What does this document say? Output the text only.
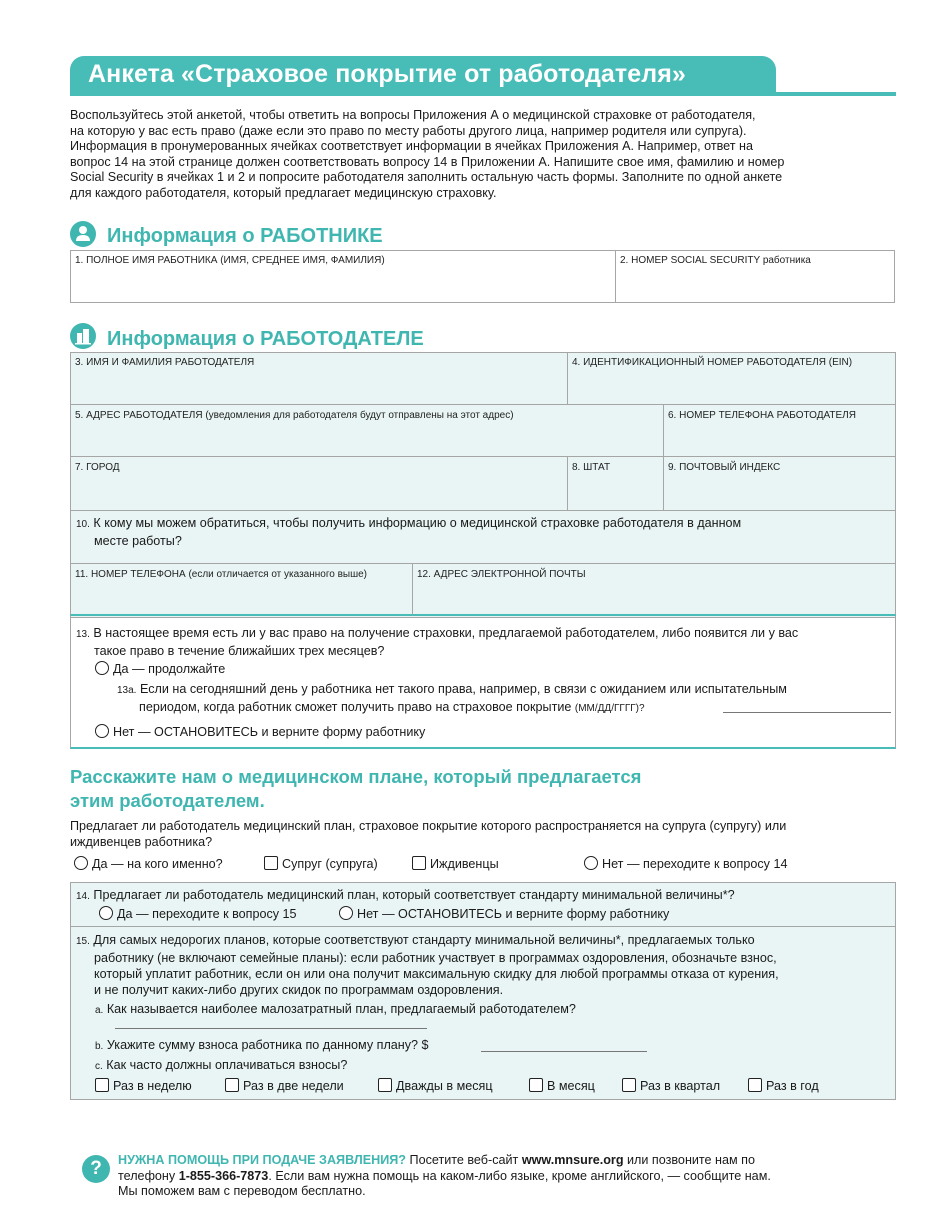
Анкета «Страховое покрытие от работодателя»
Воспользуйтесь этой анкетой, чтобы ответить на вопросы Приложения А о медицинской страховке от работодателя,
на которую у вас есть право (даже если это право по месту работы другого лица, например родителя или супруга).
Информация в пронумерованных ячейках соответствует информации в ячейках Приложения А. Например, ответ на
вопрос 14 на этой странице должен соответствовать вопросу 14 в Приложении А. Напишите свое имя, фамилию и номер
Social Security в ячейках 1 и 2 и попросите работодателя заполнить остальную часть формы. Заполните по одной анкете
для каждого работодателя, который предлагает медицинскую страховку.
Информация о РАБОТНИКЕ
1. ПОЛНОЕ ИМЯ РАБОТНИКА (ИМЯ, СРЕДНЕЕ ИМЯ, ФАМИЛИЯ)	2. НОМЕР SOCIAL SECURITY работника
Информация о РАБОТОДАТЕЛЕ
3. ИМЯ И ФАМИЛИЯ РАБОТОДАТЕЛЯ	4. ИДЕНТИФИКАЦИОННЫЙ НОМЕР РАБОТОДАТЕЛЯ (EIN)
5. АДРЕС РАБОТОДАТЕЛЯ (уведомления для работодателя будут отправлены на этот адрес)	6. НОМЕР ТЕЛЕФОНА РАБОТОДАТЕЛЯ
7. ГОРОД	8. ШТАТ	9. ПОЧТОВЫЙ ИНДЕКС
10. К кому мы можем обратиться, чтобы получить информацию о медицинской страховке работодателя в данном
месте работы?
11. НОМЕР ТЕЛЕФОНА (если отличается от указанного выше)	12. АДРЕС ЭЛЕКТРОННОЙ ПОЧТЫ
13. В настоящее время есть ли у вас право на получение страховки, предлагаемой работодателем, либо появится ли у вас
такое право в течение ближайших трех месяцев?
Да — продолжайте
13a. Если на сегодняшний день у работника нет такого права, например, в связи с ожиданием или испытательным
периодом, когда работник сможет получить право на страховое покрытие (ММ/ДД/ГГГГ)?
Нет — ОСТАНОВИТЕСЬ и верните форму работнику
Расскажите нам о медицинском плане, который предлагается
этим работодателем.
Предлагает ли работодатель медицинский план, страховое покрытие которого распространяется на супруга (супругу) или
иждивенцев работника?
Да — на кого именно?	Супруг (супруга)	Иждивенцы	Нет — переходите к вопросу 14
14. Предлагает ли работодатель медицинский план, который соответствует стандарту минимальной величины*?
Да — переходите к вопросу 15	Нет — ОСТАНОВИТЕСЬ и верните форму работнику
15. Для самых недорогих планов, которые соответствуют стандарту минимальной величины*, предлагаемых только
работнику (не включают семейные планы): если работник участвует в программах оздоровления, обозначьте взнос,
который уплатит работник, если он или она получит максимальную скидку для любой программы отказа от курения,
и не получит каких-либо других скидок по программам оздоровления.
a. Как называется наиболее малозатратный план, предлагаемый работодателем?
b. Укажите сумму взноса работника по данному плану? $
c. Как часто должны оплачиваться взносы?
Раз в неделю	Раз в две недели	Дважды в месяц	В месяц	Раз в квартал	Раз в год
?	НУЖНА ПОМОЩЬ ПРИ ПОДАЧЕ ЗАЯВЛЕНИЯ? Посетите веб-сайт www.mnsure.org или позвоните нам по
телефону 1-855-366-7873. Если вам нужна помощь на каком-либо языке, кроме английского, — сообщите нам.
Мы поможем вам с переводом бесплатно.
